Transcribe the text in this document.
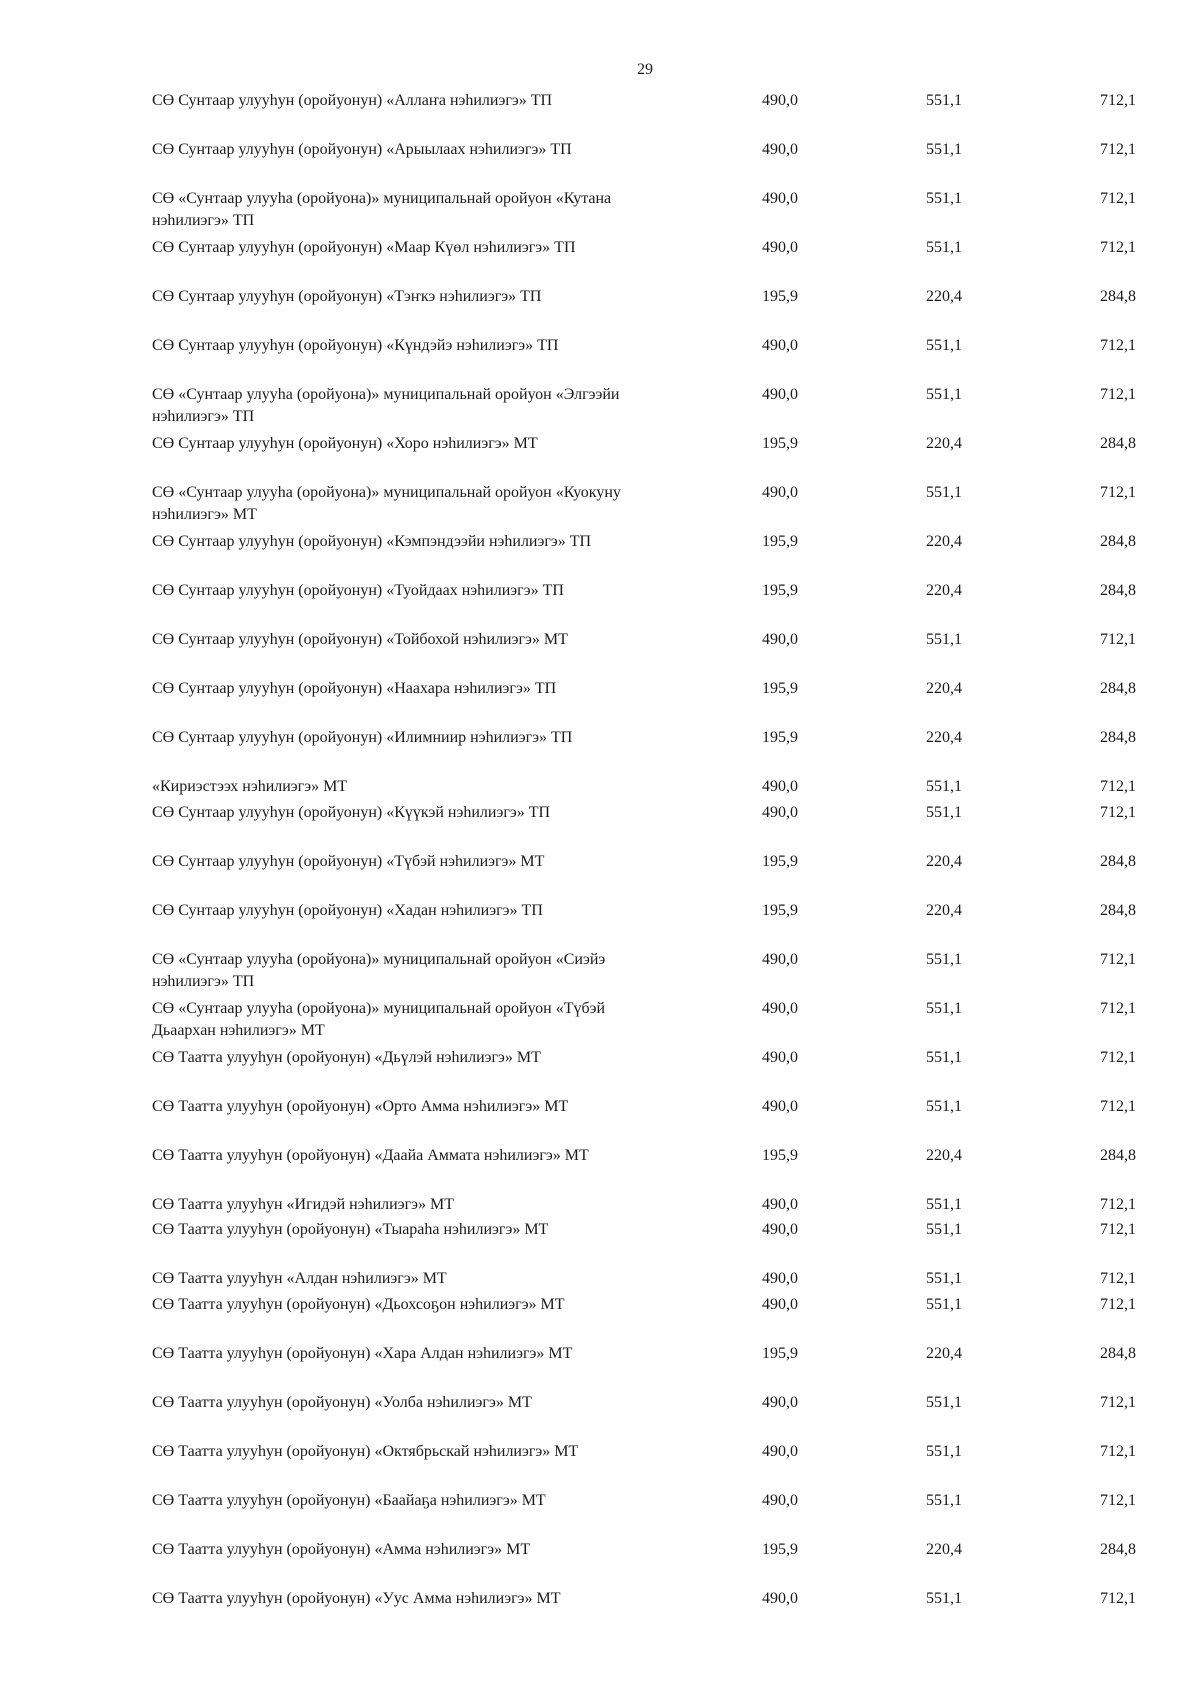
29
СӨ Сунтаар улууһун (оройуонун) «Аллаҥа нэһилиэгэ» ТП	490,0	551,1	712,1
СӨ Сунтаар улууһун (оройуонун) «Арыылаах нэһилиэгэ» ТП	490,0	551,1	712,1
СӨ «Сунтаар улууһа (оройуона)» муниципальнай оройуон «Кутана нэһилиэгэ» ТП
490,0	551,1	712,1
СӨ Сунтаар улууһун (оройуонун) «Маар Күөл нэһилиэгэ» ТП	490,0	551,1	712,1
СӨ Сунтаар улууһун (оройуонун) «Тэҥкэ нэһилиэгэ» ТП	195,9	220,4	284,8
СӨ Сунтаар улууһун (оройуонун) «Күндэйэ нэһилиэгэ» ТП	490,0	551,1	712,1
СӨ «Сунтаар улууһа (оройуона)» муниципальнай оройуон «Элгээйи нэһилиэгэ» ТП
490,0	551,1	712,1
СӨ Сунтаар улууһун (оройуонун) «Хоро нэһилиэгэ» МТ	195,9	220,4	284,8
СӨ «Сунтаар улууһа (оройуона)» муниципальнай оройуон «Куокуну нэһилиэгэ» МТ
490,0	551,1	712,1
СӨ Сунтаар улууһун (оройуонун) «Кэмпэндээйи нэһилиэгэ» ТП	195,9	220,4	284,8
СӨ Сунтаар улууһун (оройуонун) «Туойдаах нэһилиэгэ» ТП	195,9	220,4	284,8
СӨ Сунтаар улууһун (оройуонун) «Тойбохой нэһилиэгэ» МТ	490,0	551,1	712,1
СӨ Сунтаар улууһун (оройуонун) «Наахара нэһилиэгэ» ТП	195,9	220,4	284,8
СӨ Сунтаар улууһун (оройуонун) «Илимниир нэһилиэгэ» ТП	195,9	220,4	284,8
«Кириэстээх нэһилиэгэ» МТ	490,0	551,1	712,1
СӨ Сунтаар улууһун (оройуонун) «Күүкэй нэһилиэгэ» ТП	490,0	551,1	712,1
СӨ Сунтаар улууһун (оройуонун) «Түбэй нэһилиэгэ» МТ	195,9	220,4	284,8
СӨ Сунтаар улууһун (оройуонун) «Хадан нэһилиэгэ» ТП	195,9	220,4	284,8
СӨ «Сунтаар улууһа (оройуона)» муниципальнай оройуон «Сиэйэ нэһилиэгэ» ТП
490,0	551,1	712,1
СӨ «Сунтаар улууһа (оройуона)» муниципальнай оройуон «Түбэй Дьаархан нэһилиэгэ» МТ
490,0	551,1	712,1
СӨ Таатта улууһун (оройуонун) «Дьүлэй нэһилиэгэ» МТ	490,0	551,1	712,1
СӨ Таатта улууһун (оройуонун) «Орто Амма нэһилиэгэ» МТ	490,0	551,1	712,1
СӨ Таатта улууһун (оройуонун) «Даайа Аммата нэһилиэгэ» МТ	195,9	220,4	284,8
СӨ Таатта улууһун «Игидэй нэһилиэгэ» МТ	490,0	551,1	712,1
СӨ Таатта улууһун (оройуонун) «Тыараһа нэһилиэгэ» МТ	490,0	551,1	712,1
СӨ Таатта улууһун «Алдан нэһилиэгэ» МТ	490,0	551,1	712,1
СӨ Таатта улууһун (оройуонун) «Дьохсоҕон нэһилиэгэ» МТ	490,0	551,1	712,1
СӨ Таатта улууһун (оройуонун) «Хара Алдан нэһилиэгэ» МТ	195,9	220,4	284,8
СӨ Таатта улууһун (оройуонун) «Уолба нэһилиэгэ» МТ	490,0	551,1	712,1
СӨ Таатта улууһун (оройуонун) «Октябрьскай нэһилиэгэ» МТ	490,0	551,1	712,1
СӨ Таатта улууһун (оройуонун) «Баайаҕа нэһилиэгэ» МТ	490,0	551,1	712,1
СӨ Таатта улууһун (оройуонун) «Амма нэһилиэгэ» МТ	195,9	220,4	284,8
СӨ Таатта улууһун (оройуонун) «Уус Амма нэһилиэгэ» МТ	490,0	551,1	712,1
